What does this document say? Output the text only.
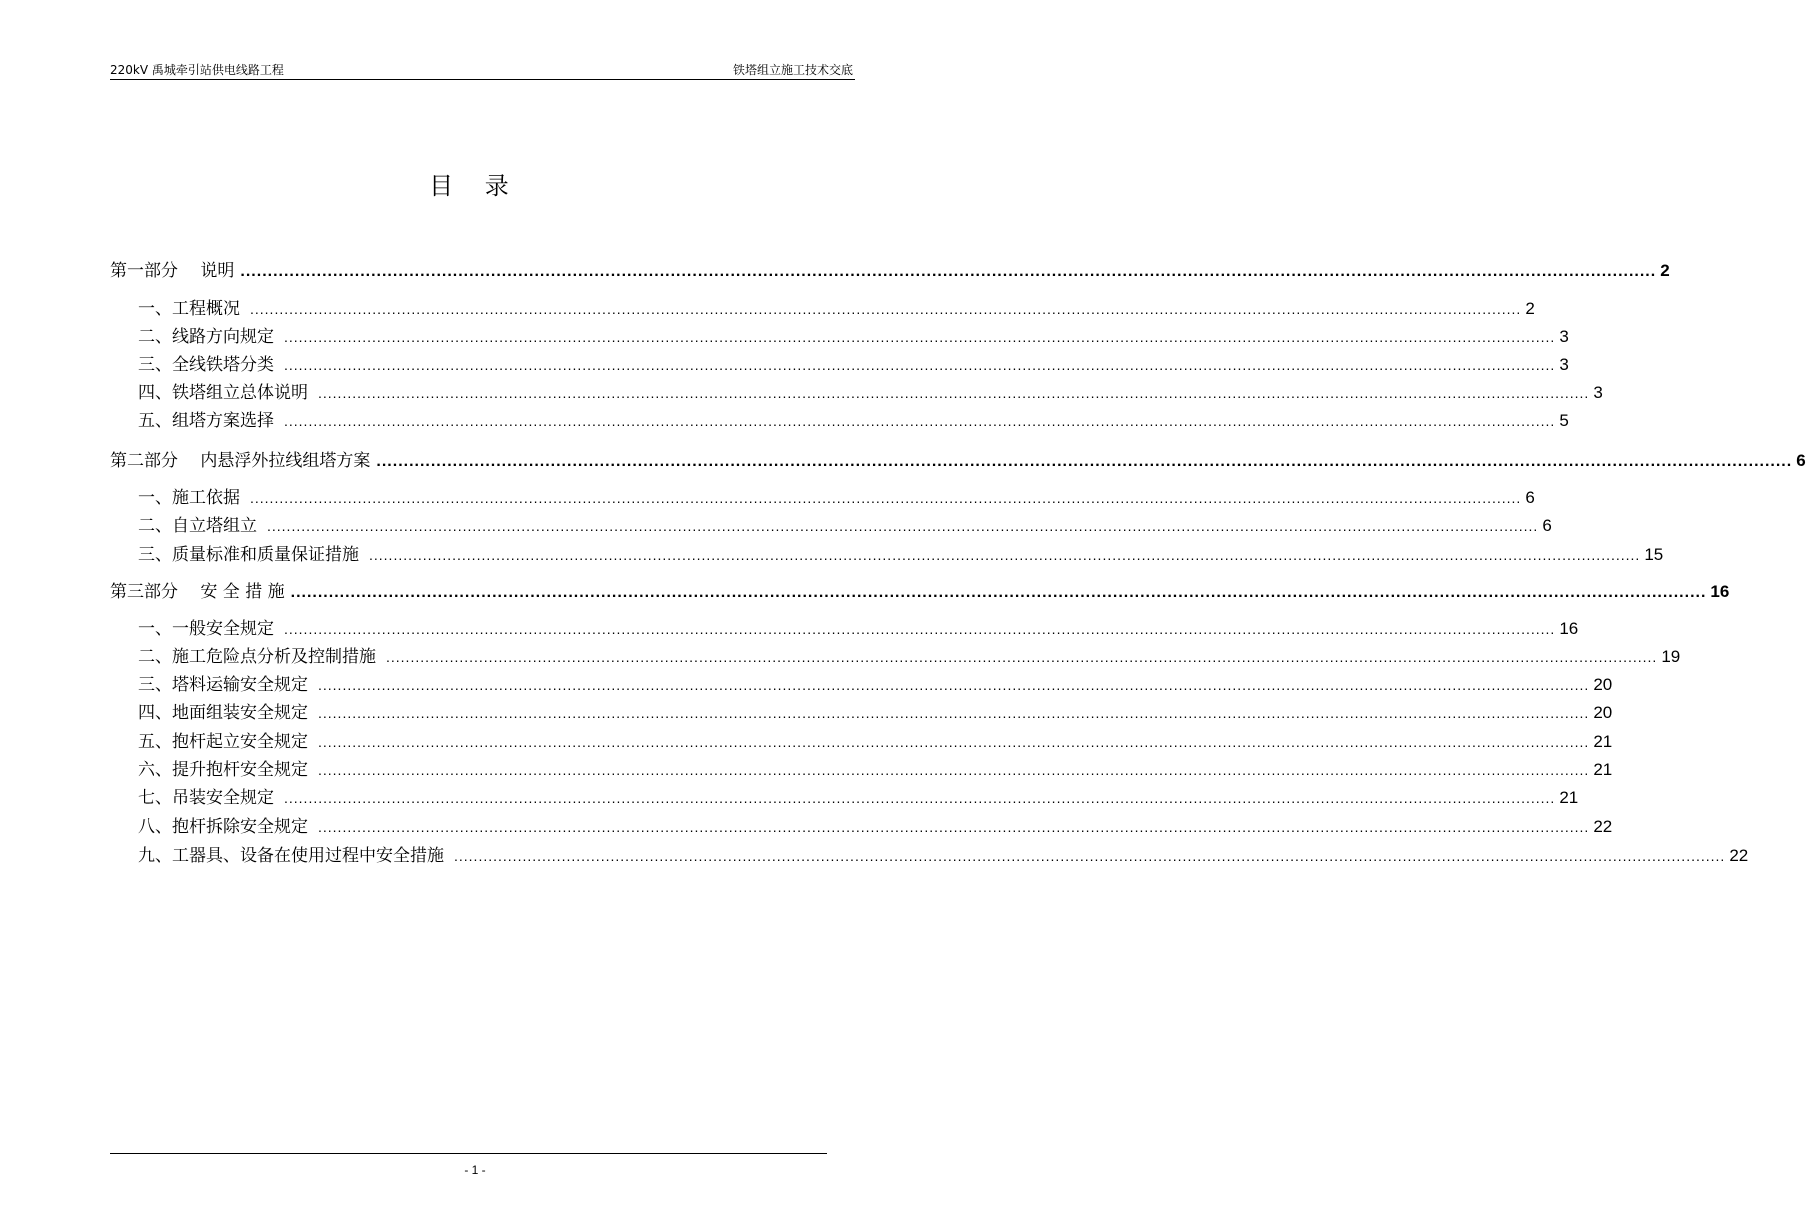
220kV 禹城牵引站供电线路工程	铁塔组立施工技术交底
目 录
第一部分　 说明 .................................................................................................................................................................................................................................................................... 2
一、工程概况 .................................................................................................................................................................................................................................................................... 2
二、线路方向规定 .................................................................................................................................................................................................................................................................... 3
三、全线铁塔分类 .................................................................................................................................................................................................................................................................... 3
四、铁塔组立总体说明 .................................................................................................................................................................................................................................................................... 3
五、组塔方案选择 .................................................................................................................................................................................................................................................................... 5
第二部分　 内悬浮外拉线组塔方案 .................................................................................................................................................................................................................................................................... 6
一、施工依据 .................................................................................................................................................................................................................................................................... 6
二、自立塔组立 .................................................................................................................................................................................................................................................................... 6
三、质量标准和质量保证措施 .................................................................................................................................................................................................................................................................... 15
第三部分　 安 全 措 施 .................................................................................................................................................................................................................................................................... 16
一、一般安全规定 .................................................................................................................................................................................................................................................................... 16
二、施工危险点分析及控制措施 .................................................................................................................................................................................................................................................................... 19
三、塔料运输安全规定 .................................................................................................................................................................................................................................................................... 20
四、地面组装安全规定 .................................................................................................................................................................................................................................................................... 20
五、抱杆起立安全规定 .................................................................................................................................................................................................................................................................... 21
六、提升抱杆安全规定 .................................................................................................................................................................................................................................................................... 21
七、吊装安全规定 .................................................................................................................................................................................................................................................................... 21
八、抱杆拆除安全规定 .................................................................................................................................................................................................................................................................... 22
九、工器具、设备在使用过程中安全措施 .................................................................................................................................................................................................................................................................... 22
- 1 -
